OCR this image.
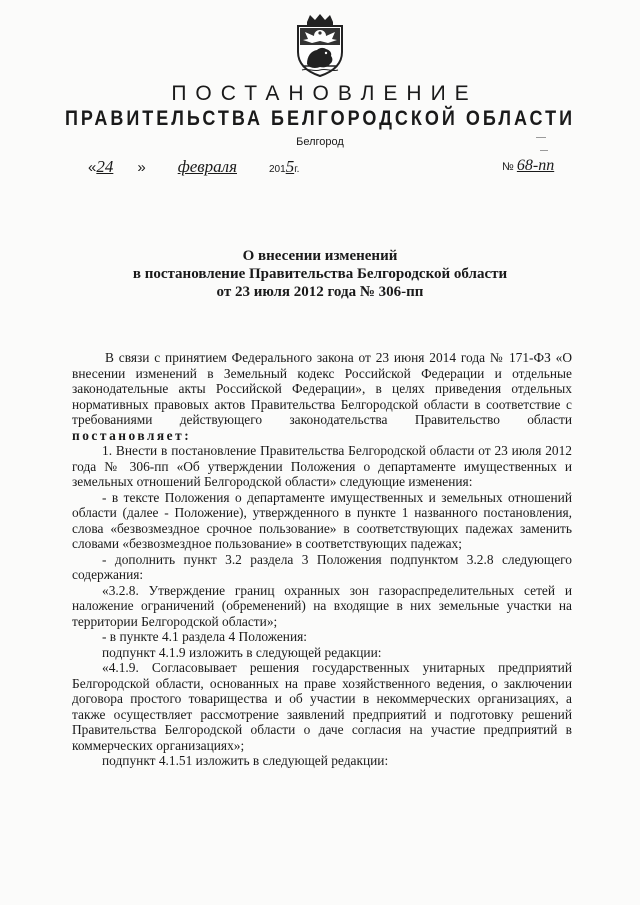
ПОСТАНОВЛЕНИЕ
ПРАВИТЕЛЬСТВА БЕЛГОРОДСКОЙ ОБЛАСТИ
Белгород
«24 » февраля	2015г.	№ 68-пп
О внесении изменений
в постановление Правительства Белгородской области
от 23 июля 2012 года № 306-пп

В связи с принятием Федерального закона от 23 июня 2014 года № 171-ФЗ «О внесении изменений в Земельный кодекс Российской Федерации и отдельные законодательные акты Российской Федерации», в целях приведения отдельных нормативных правовых актов Правительства Белгородской области в соответствие с требованиями действующего законодательства Правительство области постановляет:

1. Внести в постановление Правительства Белгородской области от 23 июля 2012 года № 306-пп «Об утверждении Положения о департаменте имущественных и земельных отношений Белгородской области» следующие изменения:

- в тексте Положения о департаменте имущественных и земельных отношений области (далее - Положение), утвержденного в пункте 1 названного постановления, слова «безвозмездное срочное пользование» в соответствующих падежах заменить словами «безвозмездное пользование» в соответствующих падежах;

- дополнить пункт 3.2 раздела 3 Положения подпунктом 3.2.8 следующего содержания:

«3.2.8. Утверждение границ охранных зон газораспределительных сетей и наложение ограничений (обременений) на входящие в них земельные участки на территории Белгородской области»;

- в пункте 4.1 раздела 4 Положения:

подпункт 4.1.9 изложить в следующей редакции:

«4.1.9. Согласовывает решения государственных унитарных предприятий Белгородской области, основанных на праве хозяйственного ведения, о заключении договора простого товарищества и об участии в некоммерческих организациях, а также осуществляет рассмотрение заявлений предприятий и подготовку решений Правительства Белгородской области о даче согласия на участие предприятий в коммерческих организациях»;

подпункт 4.1.51 изложить в следующей редакции:
